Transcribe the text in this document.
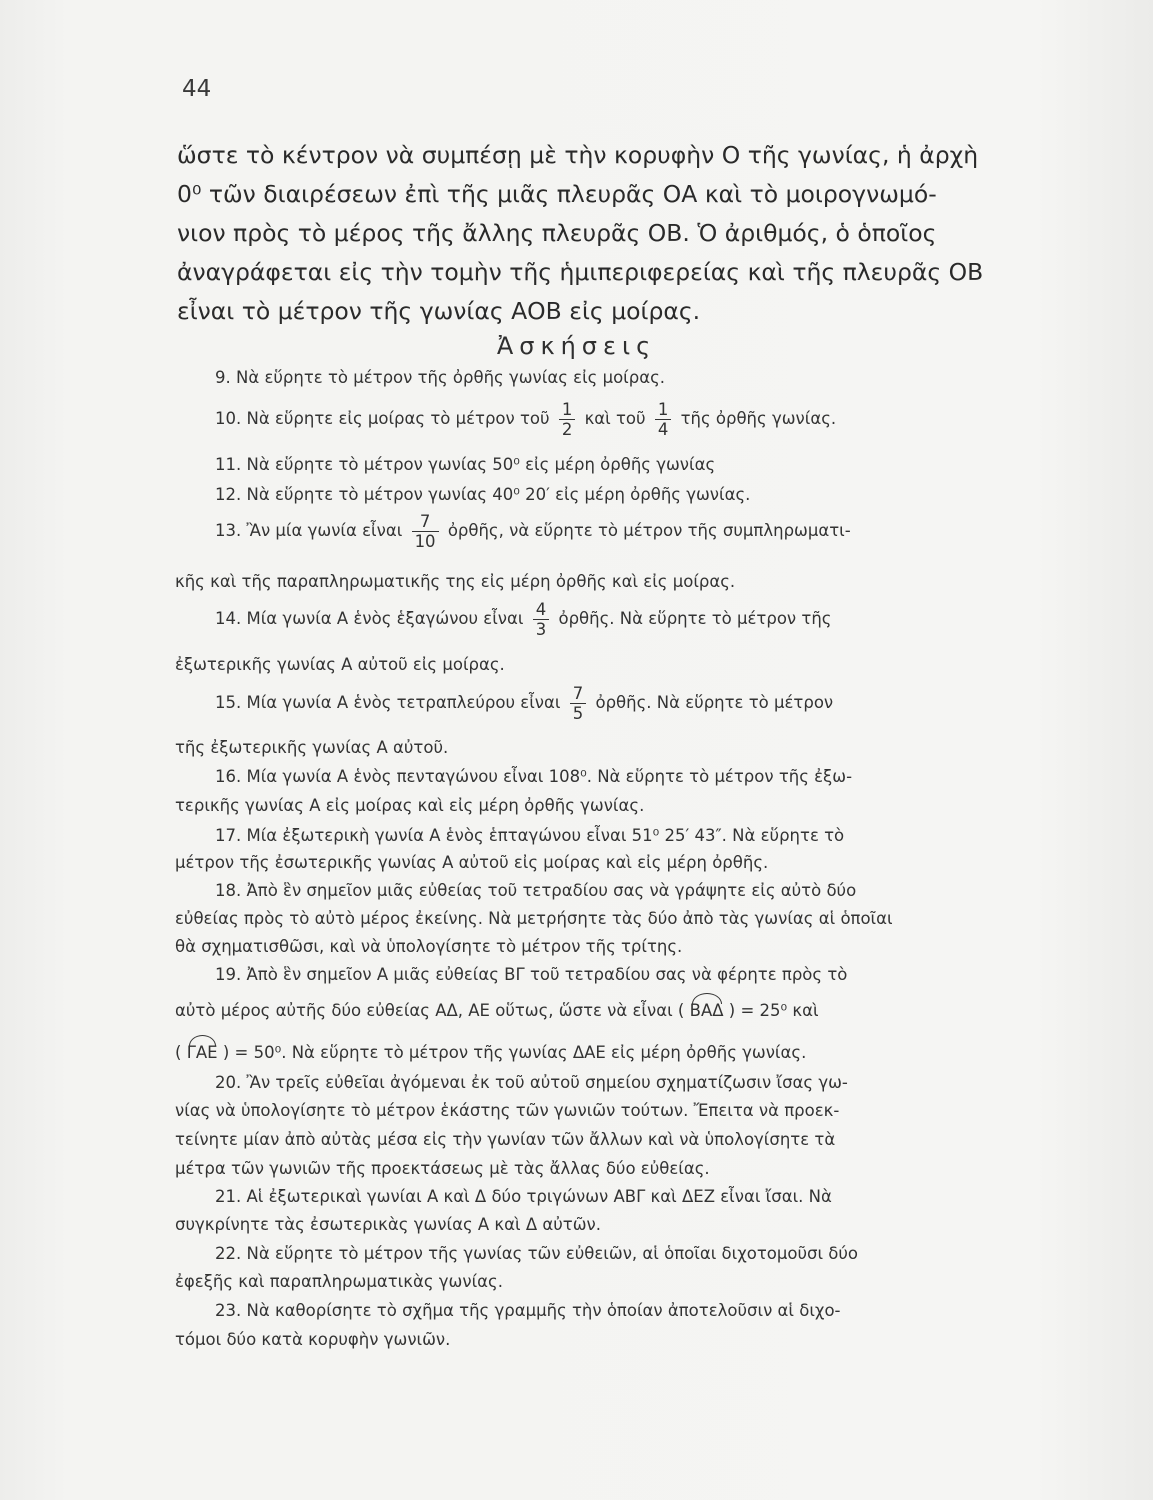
44
ὥστε τὸ κέντρον νὰ συμπέσῃ μὲ τὴν κορυφὴν Ο τῆς γωνίας, ἡ ἀρχὴ
0⁰ τῶν διαιρέσεων ἐπὶ τῆς μιᾶς πλευρᾶς ΟΑ καὶ τὸ μοιρογνωμό-
νιον πρὸς τὸ μέρος τῆς ἄλλης πλευρᾶς ΟΒ. Ὁ ἀριθμός, ὁ ὁποῖος
ἀναγράφεται εἰς τὴν τομὴν τῆς ἡμιπεριφερείας καὶ τῆς πλευρᾶς ΟΒ
εἶναι τὸ μέτρον τῆς γωνίας ΑΟΒ εἰς μοίρας.
Ἀσκήσεις
9. Νὰ εὕρητε τὸ μέτρον τῆς ὀρθῆς γωνίας εἰς μοίρας.
10. Νὰ εὕρητε εἰς μοίρας τὸ μέτρον τοῦ $\frac{1}{2}$ καὶ τοῦ $\frac{1}{4}$ τῆς ὀρθῆς γωνίας.
11. Νὰ εὕρητε τὸ μέτρον γωνίας 50⁰ εἰς μέρη ὀρθῆς γωνίας
12. Νὰ εὕρητε τὸ μέτρον γωνίας 40⁰ 20′ εἰς μέρη ὀρθῆς γωνίας.
13. Ἂν μία γωνία εἶναι $\frac{7}{10}$ ὀρθῆς, νὰ εὕρητε τὸ μέτρον τῆς συμπληρωματι-
κῆς καὶ τῆς παραπληρωματικῆς της εἰς μέρη ὀρθῆς καὶ εἰς μοίρας.
14. Μία γωνία Α ἑνὸς ἑξαγώνου εἶναι $\frac{4}{3}$ ὀρθῆς. Νὰ εὕρητε τὸ μέτρον τῆς
ἐξωτερικῆς γωνίας Α αὐτοῦ εἰς μοίρας.
15. Μία γωνία Α ἑνὸς τετραπλεύρου εἶναι $\frac{7}{5}$ ὀρθῆς. Νὰ εὕρητε τὸ μέτρον
τῆς ἐξωτερικῆς γωνίας Α αὐτοῦ.
16. Μία γωνία Α ἑνὸς πενταγώνου εἶναι 108⁰. Νὰ εὕρητε τὸ μέτρον τῆς ἐξω-
τερικῆς γωνίας Α εἰς μοίρας καὶ εἰς μέρη ὀρθῆς γωνίας.
17. Μία ἐξωτερικὴ γωνία Α ἑνὸς ἑπταγώνου εἶναι 51⁰ 25′ 43″. Νὰ εὕρητε τὸ
μέτρον τῆς ἐσωτερικῆς γωνίας Α αὐτοῦ εἰς μοίρας καὶ εἰς μέρη ὀρθῆς.
18. Ἀπὸ ἓν σημεῖον μιᾶς εὐθείας τοῦ τετραδίου σας νὰ γράψητε εἰς αὐτὸ δύο
εὐθείας πρὸς τὸ αὐτὸ μέρος ἐκείνης. Νὰ μετρήσητε τὰς δύο ἀπὸ τὰς γωνίας αἱ ὁποῖαι
θὰ σχηματισθῶσι, καὶ νὰ ὑπολογίσητε τὸ μέτρον τῆς τρίτης.
19. Ἀπὸ ἓν σημεῖον Α μιᾶς εὐθείας ΒΓ τοῦ τετραδίου σας νὰ φέρητε πρὸς τὸ
αὐτὸ μέρος αὐτῆς δύο εὐθείας ΑΔ, ΑΕ οὕτως, ὥστε νὰ εἶναι ( ΒΑΔ ) = 25⁰ καὶ
( ΓΑΕ ) = 50⁰. Νὰ εὕρητε τὸ μέτρον τῆς γωνίας ΔΑΕ εἰς μέρη ὀρθῆς γωνίας.
20. Ἂν τρεῖς εὐθεῖαι ἀγόμεναι ἐκ τοῦ αὐτοῦ σημείου σχηματίζωσιν ἴσας γω-
νίας νὰ ὑπολογίσητε τὸ μέτρον ἑκάστης τῶν γωνιῶν τούτων. Ἔπειτα νὰ προεκ-
τείνητε μίαν ἀπὸ αὐτὰς μέσα εἰς τὴν γωνίαν τῶν ἄλλων καὶ νὰ ὑπολογίσητε τὰ
μέτρα τῶν γωνιῶν τῆς προεκτάσεως μὲ τὰς ἄλλας δύο εὐθείας.
21. Αἱ ἐξωτερικαὶ γωνίαι Α καὶ Δ δύο τριγώνων ΑΒΓ καὶ ΔΕΖ εἶναι ἴσαι. Νὰ
συγκρίνητε τὰς ἐσωτερικὰς γωνίας Α καὶ Δ αὐτῶν.
22. Νὰ εὕρητε τὸ μέτρον τῆς γωνίας τῶν εὐθειῶν, αἱ ὁποῖαι διχοτομοῦσι δύο
ἐφεξῆς καὶ παραπληρωματικὰς γωνίας.
23. Νὰ καθορίσητε τὸ σχῆμα τῆς γραμμῆς τὴν ὁποίαν ἀποτελοῦσιν αἱ διχο-
τόμοι δύο κατὰ κορυφὴν γωνιῶν.
